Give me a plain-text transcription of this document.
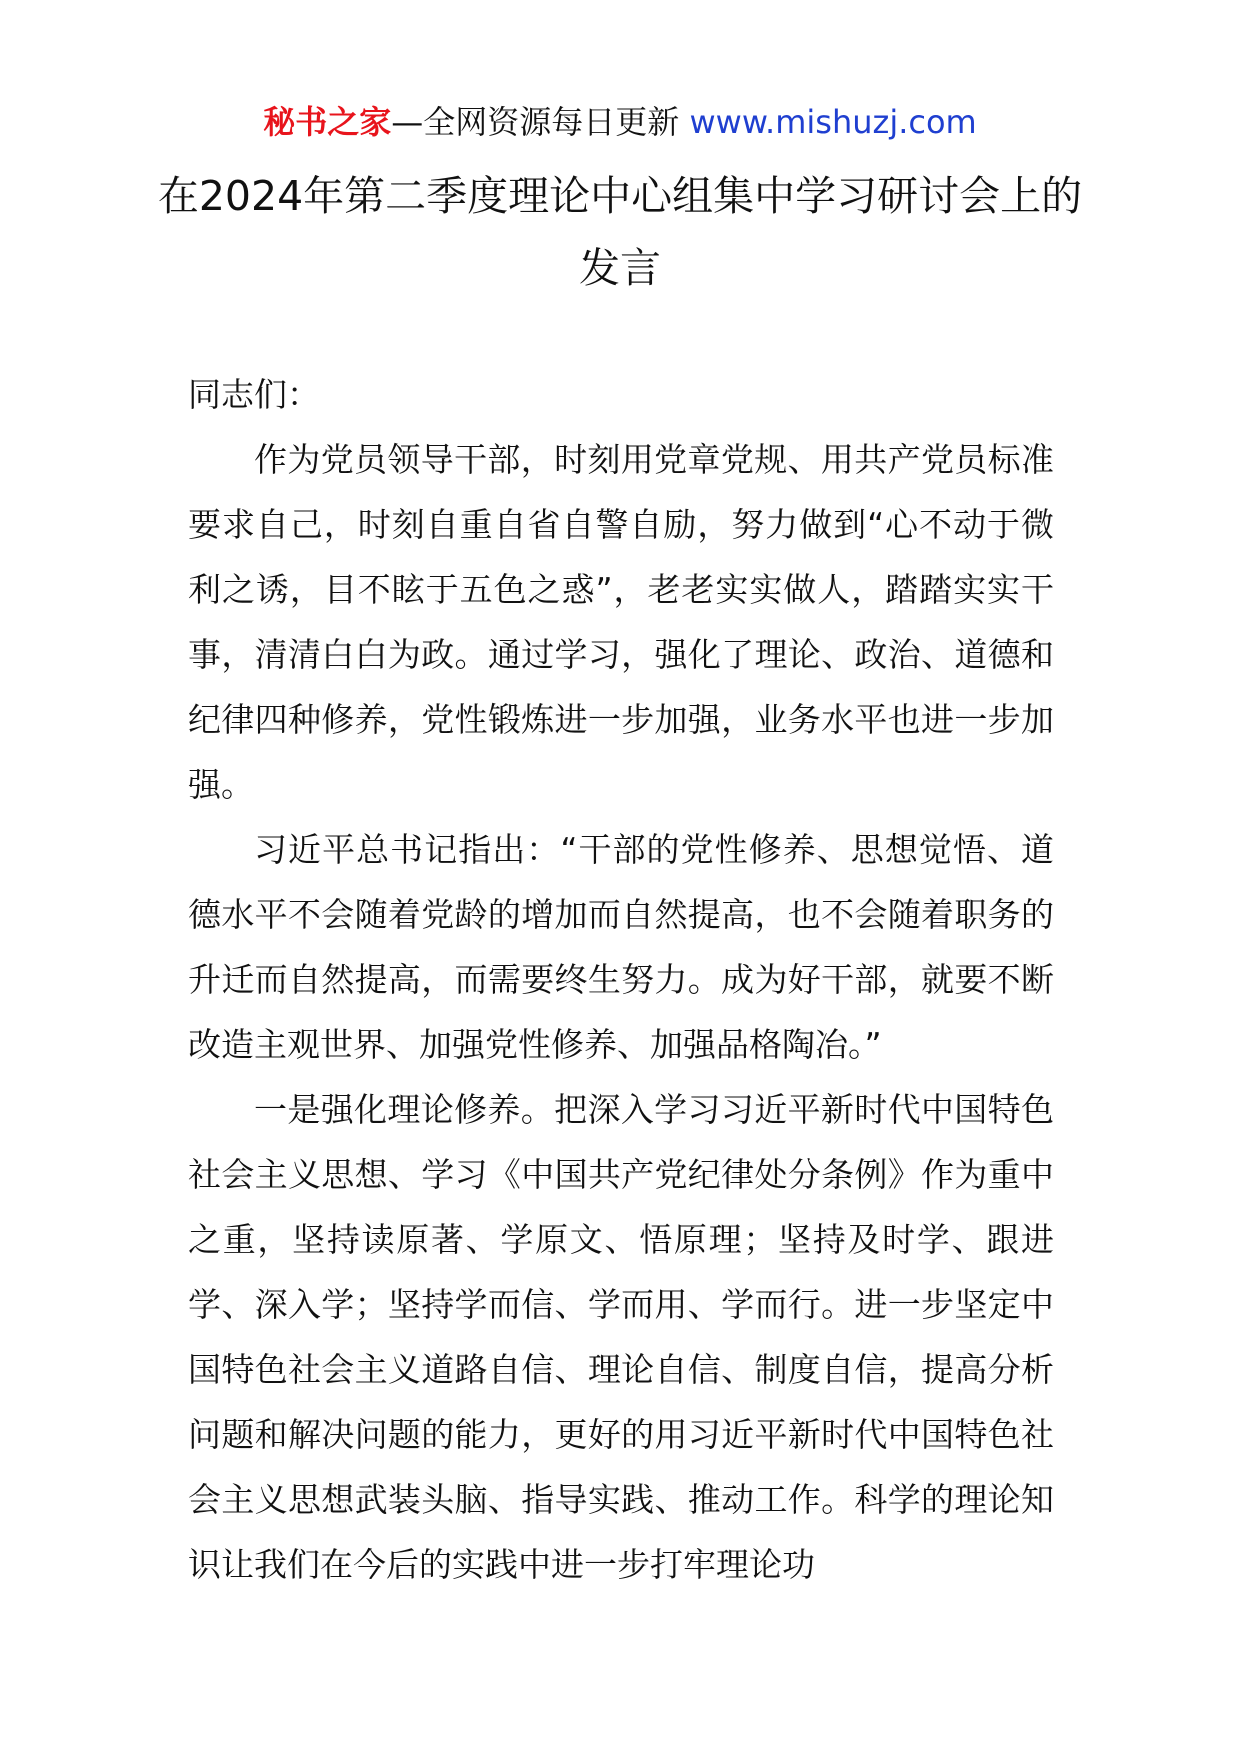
秘书之家—全网资源每日更新 www.mishuzj.com
在2024年第二季度理论中心组集中学习研讨会上的发言

同志们：

作为党员领导干部，时刻用党章党规、用共产党员标准要求自己，时刻自重自省自警自励，努力做到“心不动于微利之诱，目不眩于五色之惑”，老老实实做人，踏踏实实干事，清清白白为政。通过学习，强化了理论、政治、道德和纪律四种修养，党性锻炼进一步加强，业务水平也进一步加强。

习近平总书记指出：“干部的党性修养、思想觉悟、道德水平不会随着党龄的增加而自然提高，也不会随着职务的升迁而自然提高，而需要终生努力。成为好干部，就要不断改造主观世界、加强党性修养、加强品格陶冶。”

一是强化理论修养。把深入学习习近平新时代中国特色社会主义思想、学习《中国共产党纪律处分条例》作为重中之重，坚持读原著、学原文、悟原理；坚持及时学、跟进学、深入学；坚持学而信、学而用、学而行。进一步坚定中国特色社会主义道路自信、理论自信、制度自信，提高分析问题和解决问题的能力，更好的用习近平新时代中国特色社会主义思想武装头脑、指导实践、推动工作。科学的理论知识让我们在今后的实践中进一步打牢理论功
